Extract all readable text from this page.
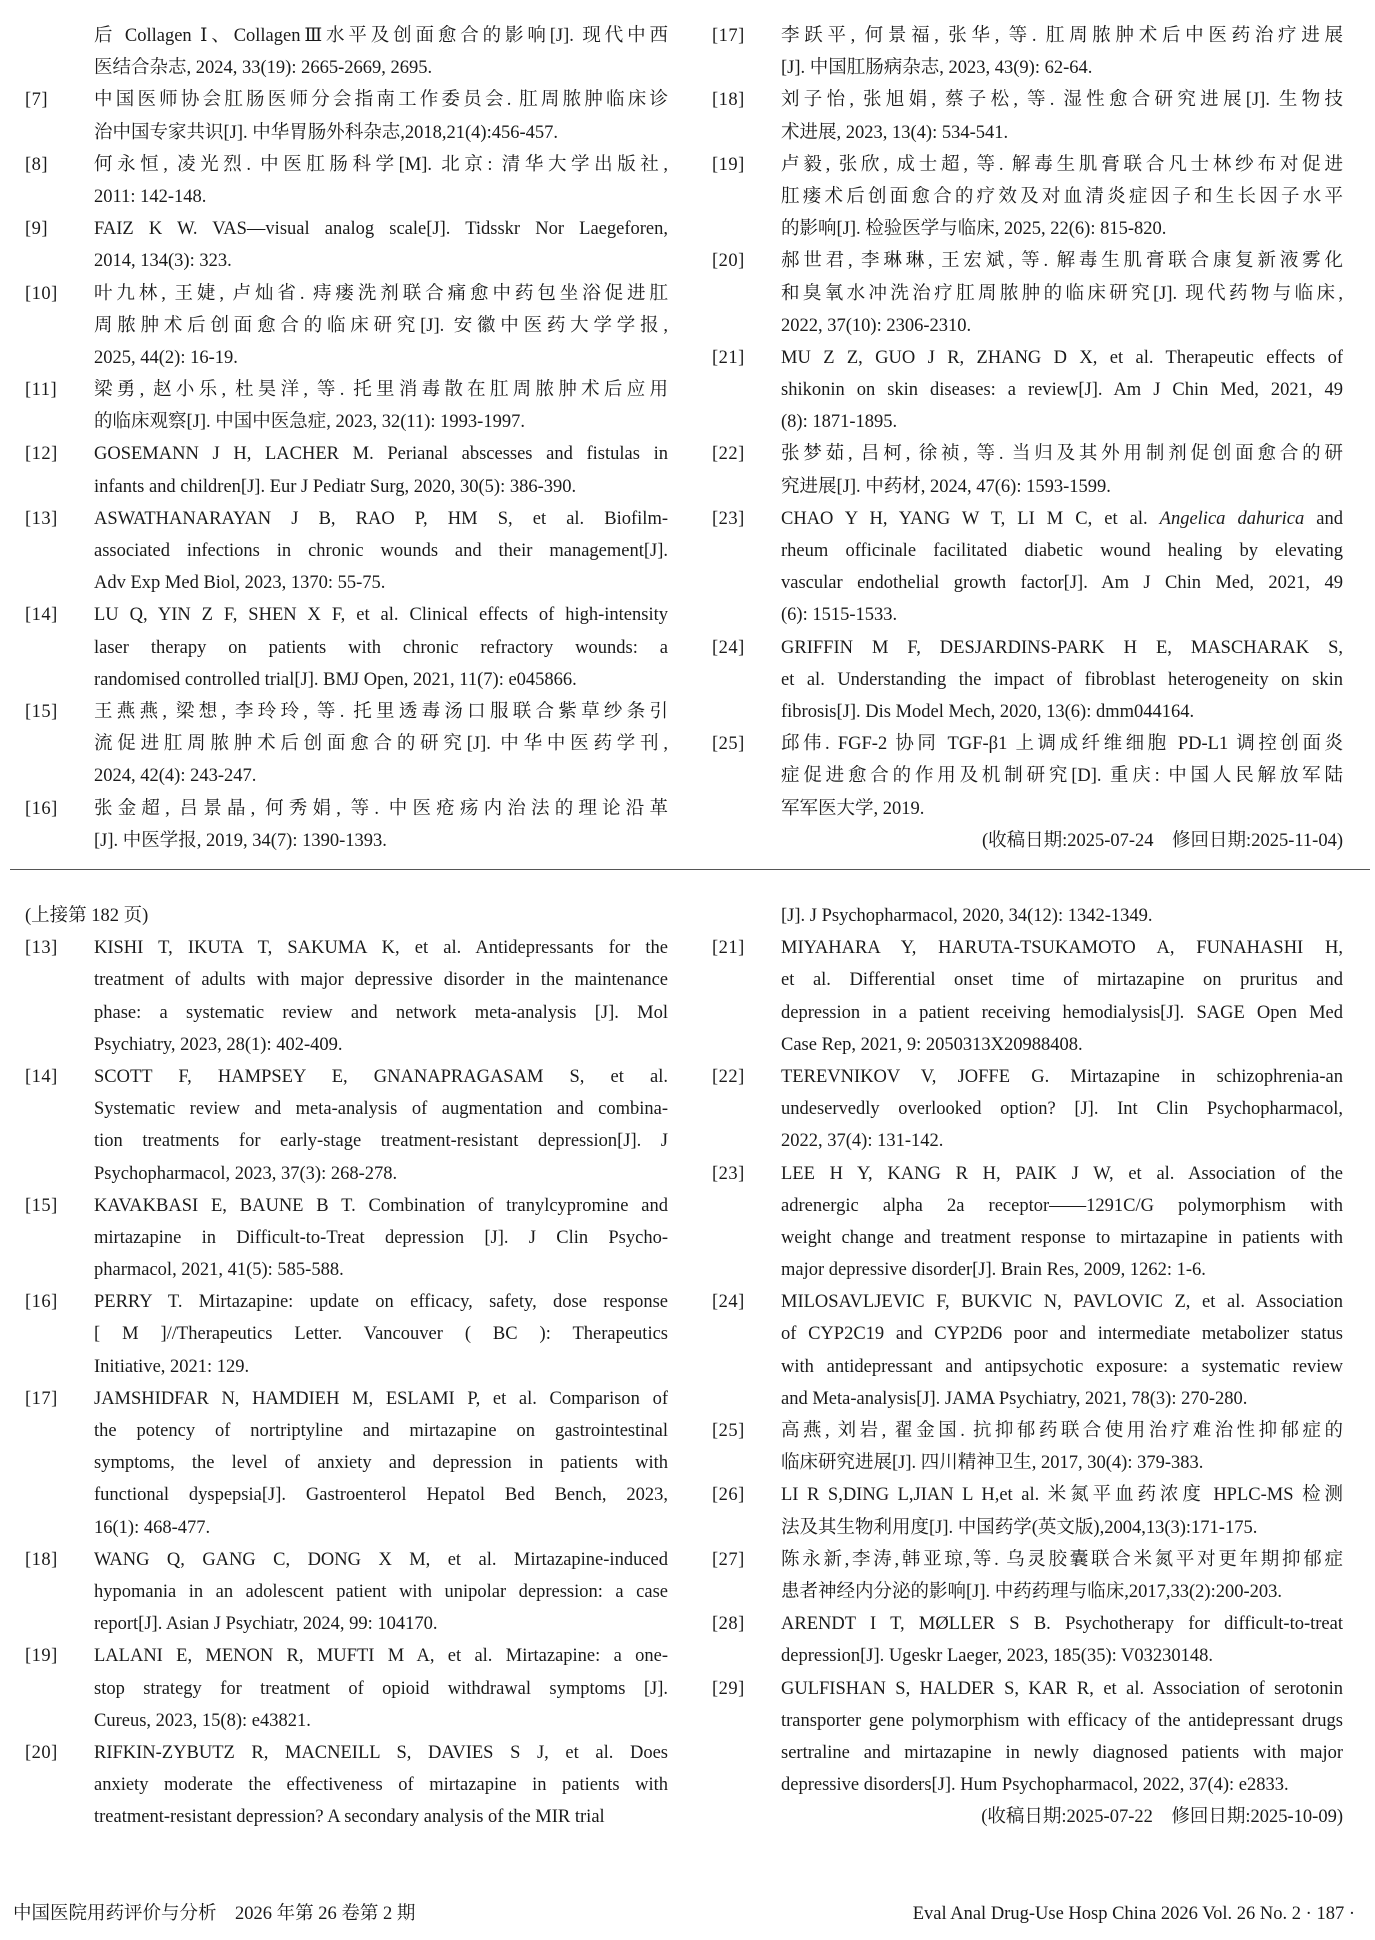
后 Collagen Ⅰ、CollagenⅢ水平及创面愈合的影响[J]. 现代中西
医结合杂志, 2024, 33(19): 2665-2669, 2695.
[7]	中国医师协会肛肠医师分会指南工作委员会. 肛周脓肿临床诊
治中国专家共识[J]. 中华胃肠外科杂志,2018,21(4):456-457.
[8]	何永恒, 凌光烈. 中医肛肠科学[M]. 北京: 清华大学出版社,
2011: 142-148.
[9]	FAIZ K W. VAS—visual analog scale[J]. Tidsskr Nor Laegeforen,
2014, 134(3): 323.
[10]	叶九林, 王婕, 卢灿省. 痔瘘洗剂联合痛愈中药包坐浴促进肛
周脓肿术后创面愈合的临床研究[J]. 安徽中医药大学学报,
2025, 44(2): 16-19.
[11]	梁勇, 赵小乐, 杜昊洋, 等. 托里消毒散在肛周脓肿术后应用
的临床观察[J]. 中国中医急症, 2023, 32(11): 1993-1997.
[12]	GOSEMANN J H, LACHER M. Perianal abscesses and fistulas in
infants and children[J]. Eur J Pediatr Surg, 2020, 30(5): 386-390.
[13]	ASWATHANARAYAN J B, RAO P, HM S, et al. Biofilm-
associated infections in chronic wounds and their management[J].
Adv Exp Med Biol, 2023, 1370: 55-75.
[14]	LU Q, YIN Z F, SHEN X F, et al. Clinical effects of high-intensity
laser therapy on patients with chronic refractory wounds: a
randomised controlled trial[J]. BMJ Open, 2021, 11(7): e045866.
[15]	王燕燕, 梁想, 李玲玲, 等. 托里透毒汤口服联合紫草纱条引
流促进肛周脓肿术后创面愈合的研究[J]. 中华中医药学刊,
2024, 42(4): 243-247.
[16]	张金超, 吕景晶, 何秀娟, 等. 中医疮疡内治法的理论沿革
[J]. 中医学报, 2019, 34(7): 1390-1393.
[17]	李跃平, 何景福, 张华, 等. 肛周脓肿术后中医药治疗进展
[J]. 中国肛肠病杂志, 2023, 43(9): 62-64.
[18]	刘子怡, 张旭娟, 蔡子松, 等. 湿性愈合研究进展[J]. 生物技
术进展, 2023, 13(4): 534-541.
[19]	卢毅, 张欣, 成士超, 等. 解毒生肌膏联合凡士林纱布对促进
肛瘘术后创面愈合的疗效及对血清炎症因子和生长因子水平
的影响[J]. 检验医学与临床, 2025, 22(6): 815-820.
[20]	郝世君, 李琳琳, 王宏斌, 等. 解毒生肌膏联合康复新液雾化
和臭氧水冲洗治疗肛周脓肿的临床研究[J]. 现代药物与临床,
2022, 37(10): 2306-2310.
[21]	MU Z Z, GUO J R, ZHANG D X, et al. Therapeutic effects of
shikonin on skin diseases: a review[J]. Am J Chin Med, 2021, 49
(8): 1871-1895.
[22]	张梦茹, 吕柯, 徐祯, 等. 当归及其外用制剂促创面愈合的研
究进展[J]. 中药材, 2024, 47(6): 1593-1599.
[23]	CHAO Y H, YANG W T, LI M C, et al. Angelica dahurica and
rheum officinale facilitated diabetic wound healing by elevating
vascular endothelial growth factor[J]. Am J Chin Med, 2021, 49
(6): 1515-1533.
[24]	GRIFFIN M F, DESJARDINS-PARK H E, MASCHARAK S,
et al. Understanding the impact of fibroblast heterogeneity on skin
fibrosis[J]. Dis Model Mech, 2020, 13(6): dmm044164.
[25]	邱伟. FGF-2 协同 TGF-β1 上调成纤维细胞 PD-L1 调控创面炎
症促进愈合的作用及机制研究[D]. 重庆: 中国人民解放军陆
军军医大学, 2019.
(收稿日期:2025-07-24　修回日期:2025-11-04)
(上接第 182 页)
[13]	KISHI T, IKUTA T, SAKUMA K, et al. Antidepressants for the
treatment of adults with major depressive disorder in the maintenance
phase: a systematic review and network meta-analysis [J]. Mol
Psychiatry, 2023, 28(1): 402-409.
[14]	SCOTT F, HAMPSEY E, GNANAPRAGASAM S, et al.
Systematic review and meta-analysis of augmentation and combina-
tion treatments for early-stage treatment-resistant depression[J]. J
Psychopharmacol, 2023, 37(3): 268-278.
[15]	KAVAKBASI E, BAUNE B T. Combination of tranylcypromine and
mirtazapine in Difficult-to-Treat depression [J]. J Clin Psycho-
pharmacol, 2021, 41(5): 585-588.
[16]	PERRY T. Mirtazapine: update on efficacy, safety, dose response
[ M ]//Therapeutics Letter. Vancouver ( BC ): Therapeutics
Initiative, 2021: 129.
[17]	JAMSHIDFAR N, HAMDIEH M, ESLAMI P, et al. Comparison of
the potency of nortriptyline and mirtazapine on gastrointestinal
symptoms, the level of anxiety and depression in patients with
functional dyspepsia[J]. Gastroenterol Hepatol Bed Bench, 2023,
16(1): 468-477.
[18]	WANG Q, GANG C, DONG X M, et al. Mirtazapine-induced
hypomania in an adolescent patient with unipolar depression: a case
report[J]. Asian J Psychiatr, 2024, 99: 104170.
[19]	LALANI E, MENON R, MUFTI M A, et al. Mirtazapine: a one-
stop strategy for treatment of opioid withdrawal symptoms [J].
Cureus, 2023, 15(8): e43821.
[20]	RIFKIN-ZYBUTZ R, MACNEILL S, DAVIES S J, et al. Does
anxiety moderate the effectiveness of mirtazapine in patients with
treatment-resistant depression? A secondary analysis of the MIR trial
[J]. J Psychopharmacol, 2020, 34(12): 1342-1349.
[21]	MIYAHARA Y, HARUTA-TSUKAMOTO A, FUNAHASHI H,
et al. Differential onset time of mirtazapine on pruritus and
depression in a patient receiving hemodialysis[J]. SAGE Open Med
Case Rep, 2021, 9: 2050313X20988408.
[22]	TEREVNIKOV V, JOFFE G. Mirtazapine in schizophrenia-an
undeservedly overlooked option? [J]. Int Clin Psychopharmacol,
2022, 37(4): 131-142.
[23]	LEE H Y, KANG R H, PAIK J W, et al. Association of the
adrenergic alpha 2a receptor——1291C/G polymorphism with
weight change and treatment response to mirtazapine in patients with
major depressive disorder[J]. Brain Res, 2009, 1262: 1-6.
[24]	MILOSAVLJEVIC F, BUKVIC N, PAVLOVIC Z, et al. Association
of CYP2C19 and CYP2D6 poor and intermediate metabolizer status
with antidepressant and antipsychotic exposure: a systematic review
and Meta-analysis[J]. JAMA Psychiatry, 2021, 78(3): 270-280.
[25]	高燕, 刘岩, 翟金国. 抗抑郁药联合使用治疗难治性抑郁症的
临床研究进展[J]. 四川精神卫生, 2017, 30(4): 379-383.
[26]	LI R S,DING L,JIAN L H,et al. 米氮平血药浓度 HPLC-MS 检测
法及其生物利用度[J]. 中国药学(英文版),2004,13(3):171-175.
[27]	陈永新,李涛,韩亚琼,等. 乌灵胶囊联合米氮平对更年期抑郁症
患者神经内分泌的影响[J]. 中药药理与临床,2017,33(2):200-203.
[28]	ARENDT I T, MØLLER S B. Psychotherapy for difficult-to-treat
depression[J]. Ugeskr Laeger, 2023, 185(35): V03230148.
[29]	GULFISHAN S, HALDER S, KAR R, et al. Association of serotonin
transporter gene polymorphism with efficacy of the antidepressant drugs
sertraline and mirtazapine in newly diagnosed patients with major
depressive disorders[J]. Hum Psychopharmacol, 2022, 37(4): e2833.
(收稿日期:2025-07-22　修回日期:2025-10-09)
中国医院用药评价与分析　2026 年第 26 卷第 2 期	Eval Anal Drug-Use Hosp China 2026 Vol. 26 No. 2 · 187 ·
